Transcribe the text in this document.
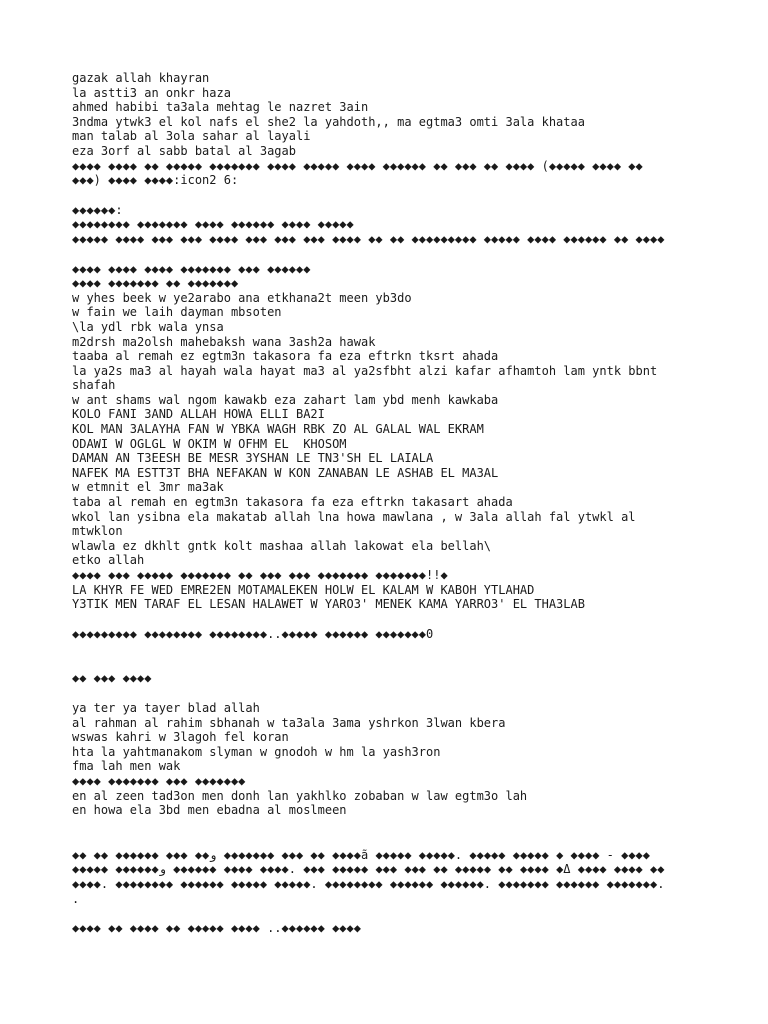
gazak allah khayran
la astti3 an onkr haza
ahmed habibi ta3ala mehtag le nazret 3ain
3ndma ytwk3 el kol nafs el she2 la yahdoth,, ma egtma3 omti 3ala khataa
man talab al 3ola sahar al layali
eza 3orf al sabb batal al 3agab
◆◆◆◆ ◆◆◆◆ ◆◆ ◆◆◆◆◆ ◆◆◆◆◆◆◆ ◆◆◆◆ ◆◆◆◆◆ ◆◆◆◆ ◆◆◆◆◆◆ ◆◆ ◆◆◆ ◆◆ ◆◆◆◆ (◆◆◆◆◆ ◆◆◆◆ ◆◆
◆◆◆) ◆◆◆◆ ◆◆◆◆:icon2 6:
◆◆◆◆◆◆:
◆◆◆◆◆◆◆◆ ◆◆◆◆◆◆◆ ◆◆◆◆ ◆◆◆◆◆◆ ◆◆◆◆ ◆◆◆◆◆
◆◆◆◆◆ ◆◆◆◆ ◆◆◆ ◆◆◆ ◆◆◆◆ ◆◆◆ ◆◆◆ ◆◆◆ ◆◆◆◆ ◆◆ ◆◆ ◆◆◆◆◆◆◆◆◆ ◆◆◆◆◆ ◆◆◆◆ ◆◆◆◆◆◆ ◆◆ ◆◆◆◆
◆◆◆◆ ◆◆◆◆ ◆◆◆◆ ◆◆◆◆◆◆◆ ◆◆◆ ◆◆◆◆◆◆
◆◆◆◆ ◆◆◆◆◆◆◆ ◆◆ ◆◆◆◆◆◆◆
w yhes beek w ye2arabo ana etkhana2t meen yb3do
w fain we laih dayman mbsoten
\la ydl rbk wala ynsa
m2drsh ma2olsh mahebaksh wana 3ash2a hawak
taaba al remah ez egtm3n takasora fa eza eftrkn tksrt ahada
la ya2s ma3 al hayah wala hayat ma3 al ya2sfbht alzi kafar afhamtoh lam yntk bbnt
shafah
w ant shams wal ngom kawakb eza zahart lam ybd menh kawkaba
KOLO FANI 3AND ALLAH HOWA ELLI BA2I
KOL MAN 3ALAYHA FAN W YBKA WAGH RBK ZO AL GALAL WAL EKRAM
ODAWI W OGLGL W OKIM W OFHM EL  KHOSOM
DAMAN AN T3EESH BE MESR 3YSHAN LE TN3'SH EL LAIALA
NAFEK MA ESTT3T BHA NEFAKAN W KON ZANABAN LE ASHAB EL MA3AL
w etmnit el 3mr ma3ak
taba al remah en egtm3n takasora fa eza eftrkn takasart ahada
wkol lan ysibna ela makatab allah lna howa mawlana , w 3ala allah fal ytwkl al
mtwklon
wlawla ez dkhlt gntk kolt mashaa allah lakowat ela bellah\
etko allah
◆◆◆◆ ◆◆◆ ◆◆◆◆◆ ◆◆◆◆◆◆◆ ◆◆ ◆◆◆ ◆◆◆ ◆◆◆◆◆◆◆ ◆◆◆◆◆◆◆!!◆
LA KHYR FE WED EMRE2EN MOTAMALEKEN HOLW EL KALAM W KABOH YTLAHAD
Y3TIK MEN TARAF EL LESAN HALAWET W YARO3' MENEK KAMA YARRO3' EL THA3LAB
◆◆◆◆◆◆◆◆◆ ◆◆◆◆◆◆◆◆ ◆◆◆◆◆◆◆◆..◆◆◆◆◆ ◆◆◆◆◆◆ ◆◆◆◆◆◆◆0
◆◆ ◆◆◆ ◆◆◆◆
ya ter ya tayer blad allah
al rahman al rahim sbhanah w ta3ala 3ama yshrkon 3lwan kbera
wswas kahri w 3lagoh fel koran
hta la yahtmanakom slyman w gnodoh w hm la yash3ron
fma lah men wak
◆◆◆◆ ◆◆◆◆◆◆◆ ◆◆◆ ◆◆◆◆◆◆◆
en al zeen tad3on men donh lan yakhlko zobaban w law egtm3o lah
en howa ela 3bd men ebadna al moslmeen
◆◆ ◆◆ ◆◆◆◆◆◆ ◆◆◆ ◆◆و ◆◆◆◆◆◆◆ ◆◆◆ ◆◆ ◆◆◆◆ã ◆◆◆◆◆ ◆◆◆◆◆. ◆◆◆◆◆ ◆◆◆◆◆ ◆ ◆◆◆◆ - ◆◆◆◆
◆◆◆◆◆ ◆◆◆◆◆◆و ◆◆◆◆◆◆ ◆◆◆◆ ◆◆◆◆. ◆◆◆ ◆◆◆◆◆ ◆◆◆ ◆◆◆ ◆◆ ◆◆◆◆◆ ◆◆ ◆◆◆◆ ◆Δ ◆◆◆◆ ◆◆◆◆ ◆◆
◆◆◆◆. ◆◆◆◆◆◆◆◆ ◆◆◆◆◆◆ ◆◆◆◆◆ ◆◆◆◆◆. ◆◆◆◆◆◆◆◆ ◆◆◆◆◆◆ ◆◆◆◆◆◆. ◆◆◆◆◆◆◆ ◆◆◆◆◆◆ ◆◆◆◆◆◆◆.
.
◆◆◆◆ ◆◆ ◆◆◆◆ ◆◆ ◆◆◆◆◆ ◆◆◆◆ ..◆◆◆◆◆◆ ◆◆◆◆
